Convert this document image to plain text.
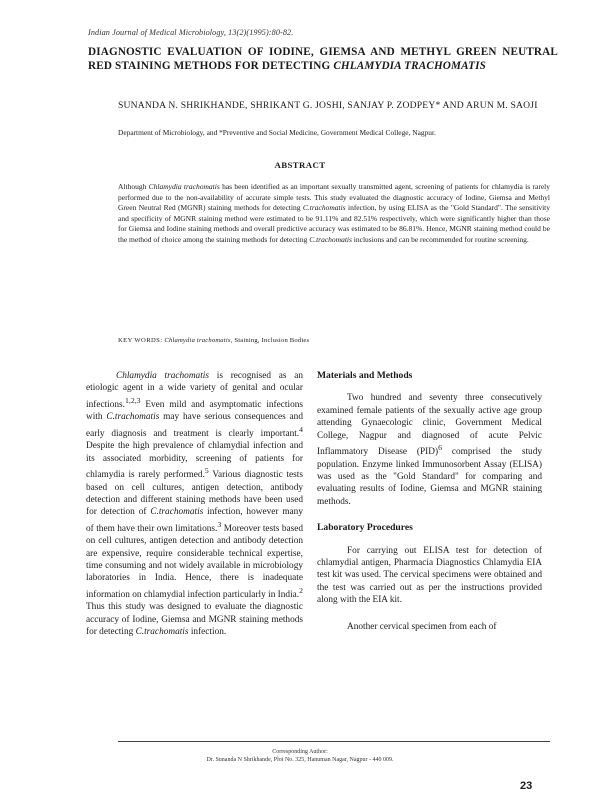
Indian Journal of Medical Microbiology, 13(2)(1995):80-82.
DIAGNOSTIC EVALUATION OF IODINE, GIEMSA AND METHYL GREEN NEUTRAL RED STAINING METHODS FOR DETECTING CHLAMYDIA TRACHOMATIS
SUNANDA N. SHRIKHANDE, SHRIKANT G. JOSHI, SANJAY P. ZODPEY* AND ARUN M. SAOJI
Department of Microbiology, and *Preventive and Social Medicine, Government Medical College, Nagpur.
ABSTRACT
Although Chlamydia trachomatis has been identified as an important sexually transmitted agent, screening of patients for chlamydia is rarely performed due to the non-availability of accurate simple tests. This study evaluated the diagnostic accuracy of Iodine, Giemsa and Methyl Green Neutral Red (MGNR) staining methods for detecting C.trachomatis infection, by using ELISA as the "Gold Standard". The sensitivity and specificity of MGNR staining method were estimated to be 91.11% and 82.51% respectively, which were significantly higher than those for Giemsa and Iodine staining methods and overall predictive accuracy was estimated to be 86.81%. Hence, MGNR staining method could be the method of choice among the staining methods for detecting C.trachomatis inclusions and can be recommended for routine screening.
KEY WORDS: Chlamydia trachomatis, Staining, Inclusion Bodies

Chlamydia trachomatis is recognised as an etiologic agent in a wide variety of genital and ocular infections.$^{1,2,3}$ Even mild and asymptomatic infections with C.trachomatis may have serious consequences and early diagnosis and treatment is clearly important.$^4$ Despite the high prevalence of chlamydial infection and its associated morbidity, screening of patients for chlamydia is rarely performed.$^5$ Various diagnostic tests based on cell cultures, antigen detection, antibody detection and different staining methods have been used for detection of C.trachomatis infection, however many of them have their own limitations.$^3$ Moreover tests based on cell cultures, antigen detection and antibody detection are expensive, require considerable technical expertise, time consuming and not widely available in microbiology laboratories in India. Hence, there is inadequate information on chlamydial infection particularly in India.$^2$ Thus this study was designed to evaluate the diagnostic accuracy of Iodine, Giemsa and MGNR staining methods for detecting C.trachomatis infection.

Materials and Methods

Two hundred and seventy three consecutively examined female patients of the sexually active age group attending Gynaecologic clinic, Government Medical College, Nagpur and diagnosed of acute Pelvic Inflammatory Disease (PID)$^6$ comprised the study population. Enzyme linked Immunosorbent Assay (ELISA) was used as the "Gold Standard" for comparing and evaluating results of Iodine, Giemsa and MGNR staining methods.

Laboratory Procedures

For carrying out ELISA test for detection of chlamydial antigen, Pharmacia Diagnostics Chlamydia EIA test kit was used. The cervical specimens were obtained and the test was carried out as per the instructions provided along with the EIA kit.

Another cervical specimen from each of

Corresponding Author:
Dr. Sunanda N Shrikhande, Plot No. 325, Hanuman Nagar, Nagpur - 440 009.
23
